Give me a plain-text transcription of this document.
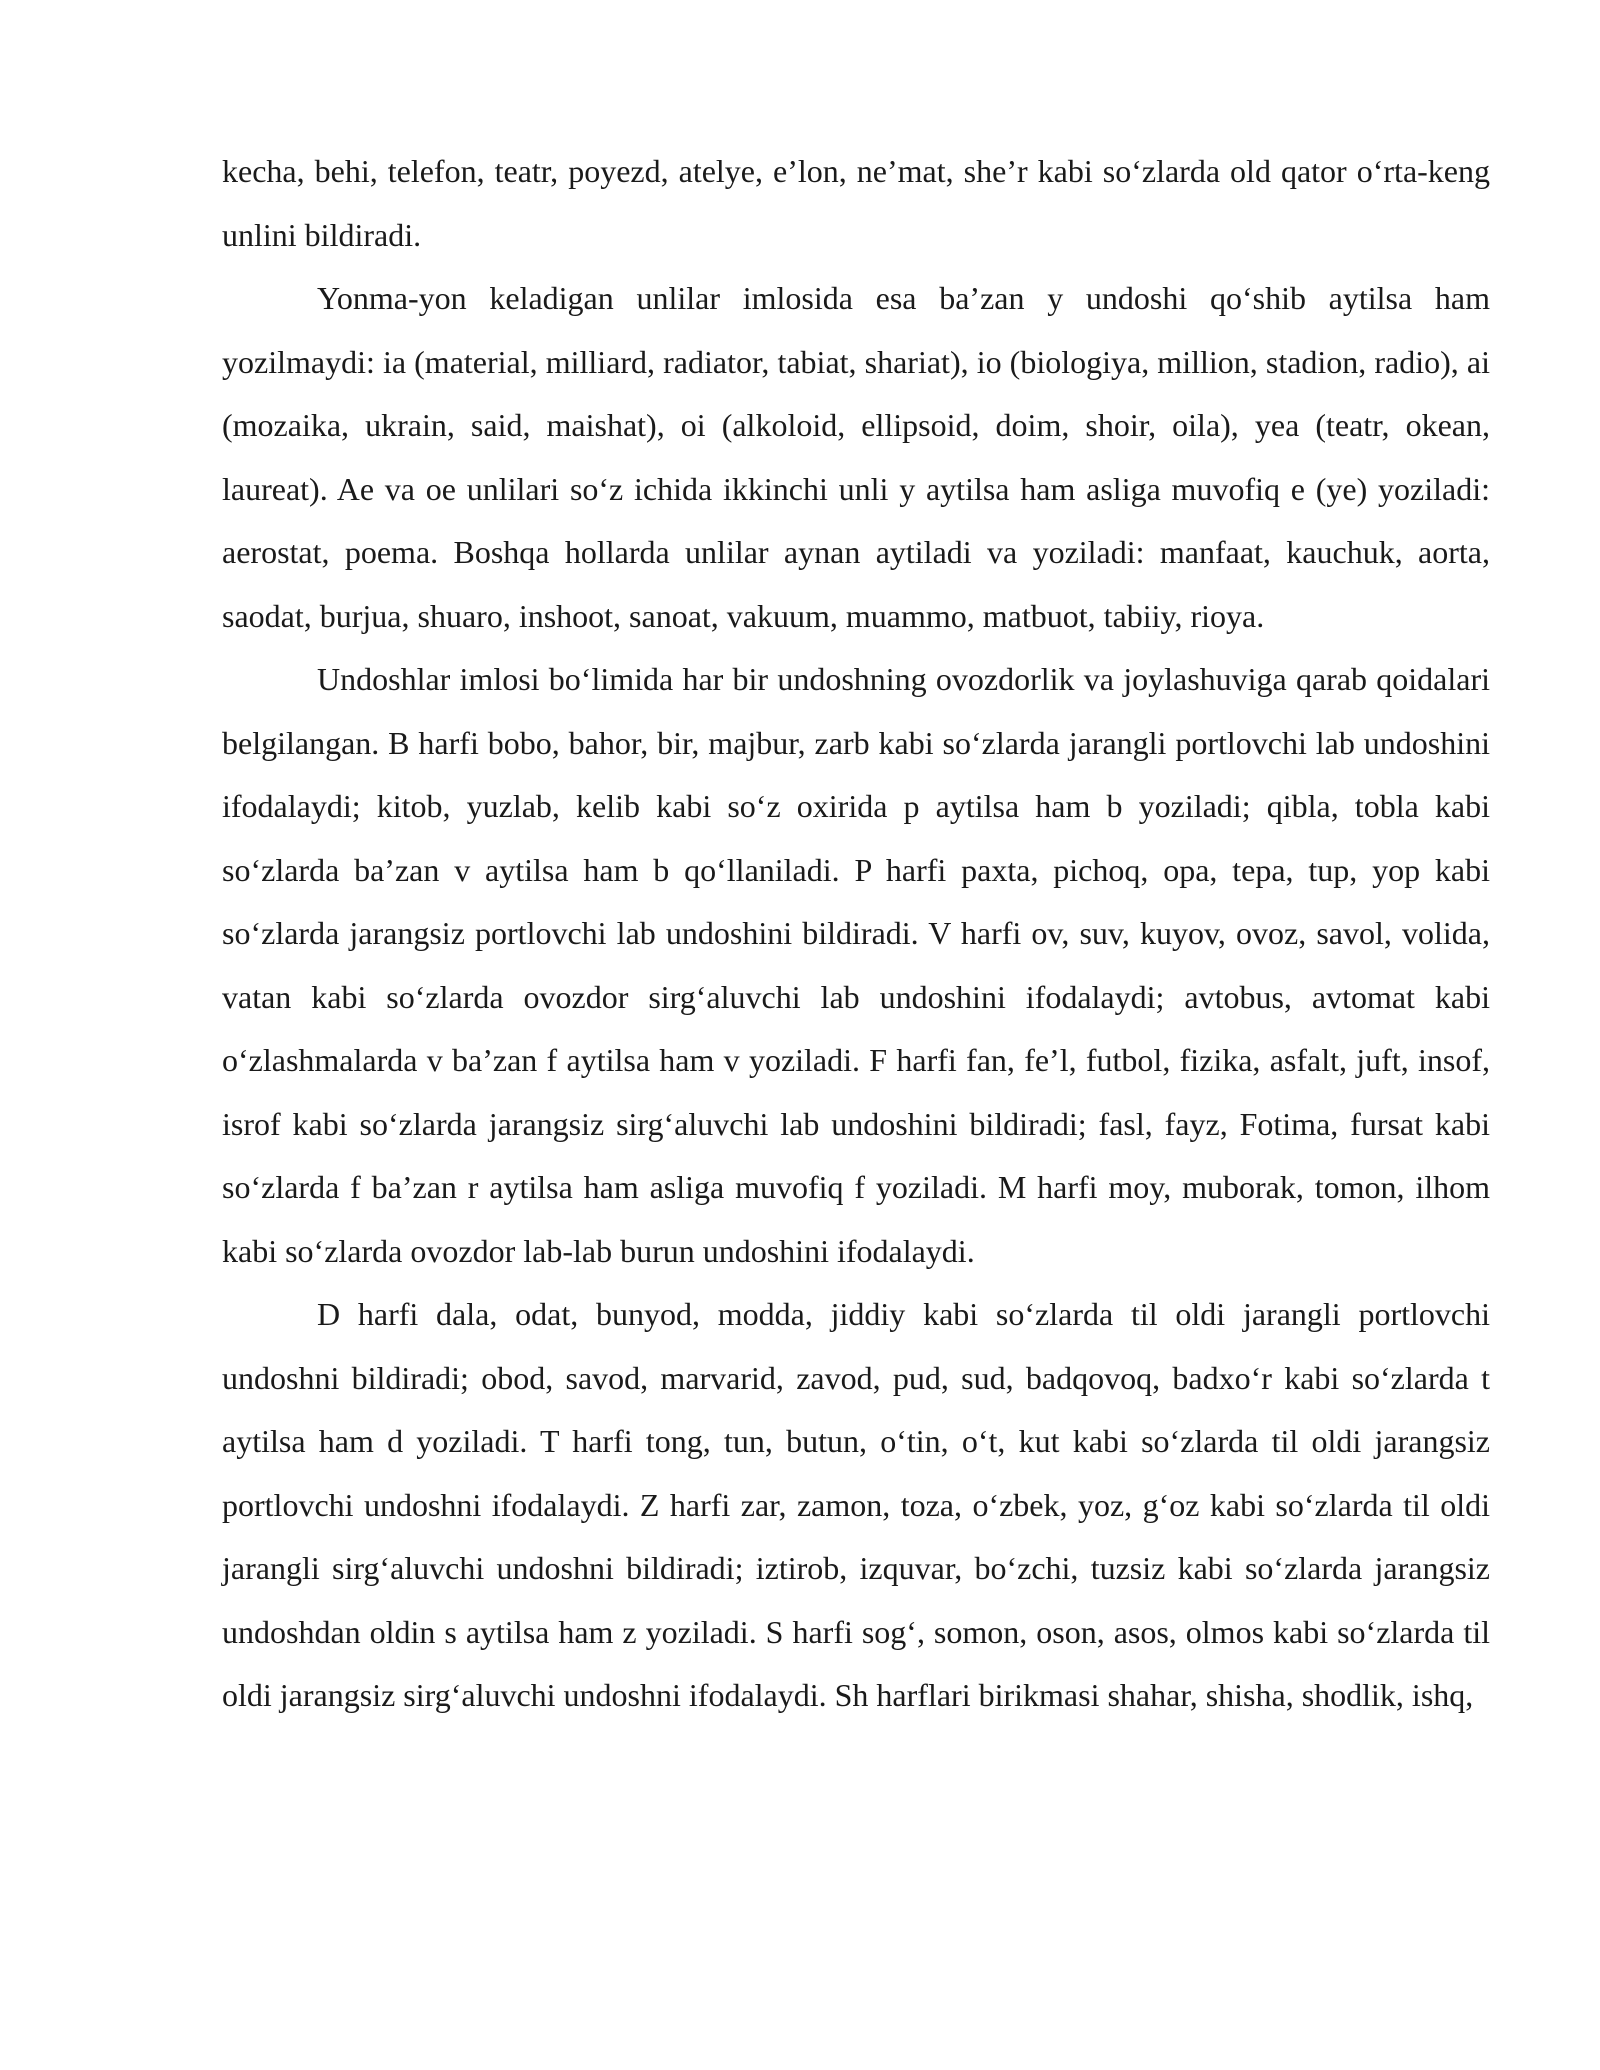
kecha, behi, telefon, teatr, poyezd, atelye, e’lon, ne’mat, she’r kabi so‘zlarda old qator o‘rta-keng unlini bildiradi.

Yonma-yon keladigan unlilar imlosida esa ba’zan y undoshi qo‘shib aytilsa ham yozilmaydi: ia (material, milliard, radiator, tabiat, shariat), io (biologiya, million, stadion, radio), ai (mozaika, ukrain, said, maishat), oi (alkoloid, ellipsoid, doim, shoir, oila), yea (teatr, okean, laureat). Ae va oe unlilari so‘z ichida ikkinchi unli y aytilsa ham asliga muvofiq e (ye) yoziladi: aerostat, poema. Boshqa hollarda unlilar aynan aytiladi va yoziladi: manfaat, kauchuk, aorta, saodat, burjua, shuaro, inshoot, sanoat, vakuum, muammo, matbuot, tabiiy, rioya.

Undoshlar imlosi bo‘limida har bir undoshning ovozdorlik va joylashuviga qarab qoidalari belgilangan. B harfi bobo, bahor, bir, majbur, zarb kabi so‘zlarda jarangli portlovchi lab undoshini ifodalaydi; kitob, yuzlab, kelib kabi so‘z oxirida p aytilsa ham b yoziladi; qibla, tobla kabi so‘zlarda ba’zan v aytilsa ham b qo‘llaniladi. P harfi paxta, pichoq, opa, tepa, tup, yop kabi so‘zlarda jarangsiz portlovchi lab undoshini bildiradi. V harfi ov, suv, kuyov, ovoz, savol, volida, vatan kabi so‘zlarda ovozdor sirg‘aluvchi lab undoshini ifodalaydi; avtobus, avtomat kabi o‘zlashmalarda v ba’zan f aytilsa ham v yoziladi. F harfi fan, fe’l, futbol, fizika, asfalt, juft, insof, isrof kabi so‘zlarda jarangsiz sirg‘aluvchi lab undoshini bildiradi; fasl, fayz, Fotima, fursat kabi so‘zlarda f ba’zan r aytilsa ham asliga muvofiq f yoziladi. M harfi moy, muborak, tomon, ilhom kabi so‘zlarda ovozdor lab-lab burun undoshini ifodalaydi.

D harfi dala, odat, bunyod, modda, jiddiy kabi so‘zlarda til oldi jarangli portlovchi undoshni bildiradi; obod, savod, marvarid, zavod, pud, sud, badqovoq, badxo‘r kabi so‘zlarda t aytilsa ham d yoziladi. T harfi tong, tun, butun, o‘tin, o‘t, kut kabi so‘zlarda til oldi jarangsiz portlovchi undoshni ifodalaydi. Z harfi zar, zamon, toza, o‘zbek, yoz, g‘oz kabi so‘zlarda til oldi jarangli sirg‘aluvchi undoshni bildiradi; iztirob, izquvar, bo‘zchi, tuzsiz kabi so‘zlarda jarangsiz undoshdan oldin s aytilsa ham z yoziladi. S harfi sog‘, somon, oson, asos, olmos kabi so‘zlarda til oldi jarangsiz sirg‘aluvchi undoshni ifodalaydi. Sh harflari birikmasi shahar, shisha, shodlik, ishq,
